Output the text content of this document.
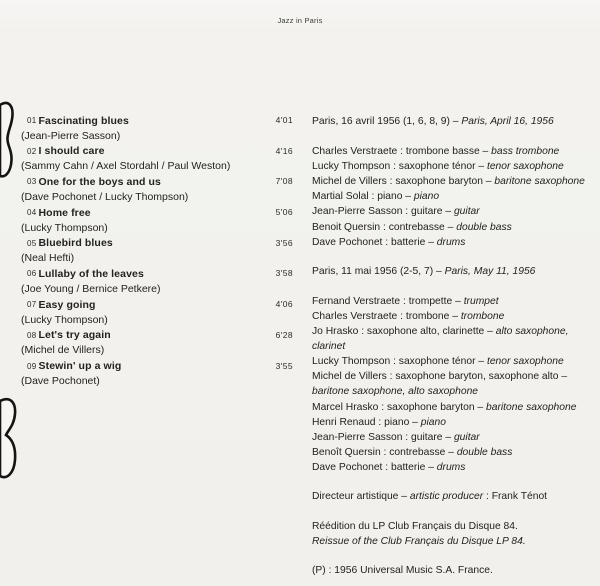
Jazz in Paris
01 Fascinating blues	4'01
(Jean-Pierre Sasson)
02 I should care	4'16
(Sammy Cahn / Axel Stordahl / Paul Weston)
03 One for the boys and us	7'08
(Dave Pochonet / Lucky Thompson)
04 Home free	5'06
(Lucky Thompson)
05 Bluebird blues	3'56
(Neal Hefti)
06 Lullaby of the leaves	3'58
(Joe Young / Bernice Petkere)
07 Easy going	4'06
(Lucky Thompson)
08 Let's try again	6'28
(Michel de Villers)
09 Stewin' up a wig	3'55
(Dave Pochonet)
Paris, 16 avril 1956 (1, 6, 8, 9) – Paris, April 16, 1956
Charles Verstraete : trombone basse – bass trombone
Lucky Thompson : saxophone ténor – tenor saxophone
Michel de Villers : saxophone baryton – baritone saxophone
Martial Solal : piano – piano
Jean-Pierre Sasson : guitare – guitar
Benoit Quersin : contrebasse – double bass
Dave Pochonet : batterie – drums
Paris, 11 mai 1956 (2-5, 7) – Paris, May 11, 1956
Fernand Verstraete : trompette – trumpet
Charles Verstraete : trombone – trombone
Jo Hrasko : saxophone alto, clarinette – alto saxophone, clarinet
Lucky Thompson : saxophone ténor – tenor saxophone
Michel de Villers : saxophone baryton, saxophone alto – baritone saxophone, alto saxophone
Marcel Hrasko : saxophone baryton – baritone saxophone
Henri Renaud : piano – piano
Jean-Pierre Sasson : guitare – guitar
Benoît Quersin : contrebasse – double bass
Dave Pochonet : batterie – drums
Directeur artistique – artistic producer : Frank Ténot
Réédition du LP Club Français du Disque 84.
Reissue of the Club Français du Disque LP 84.
(P) : 1956 Universal Music S.A. France.
